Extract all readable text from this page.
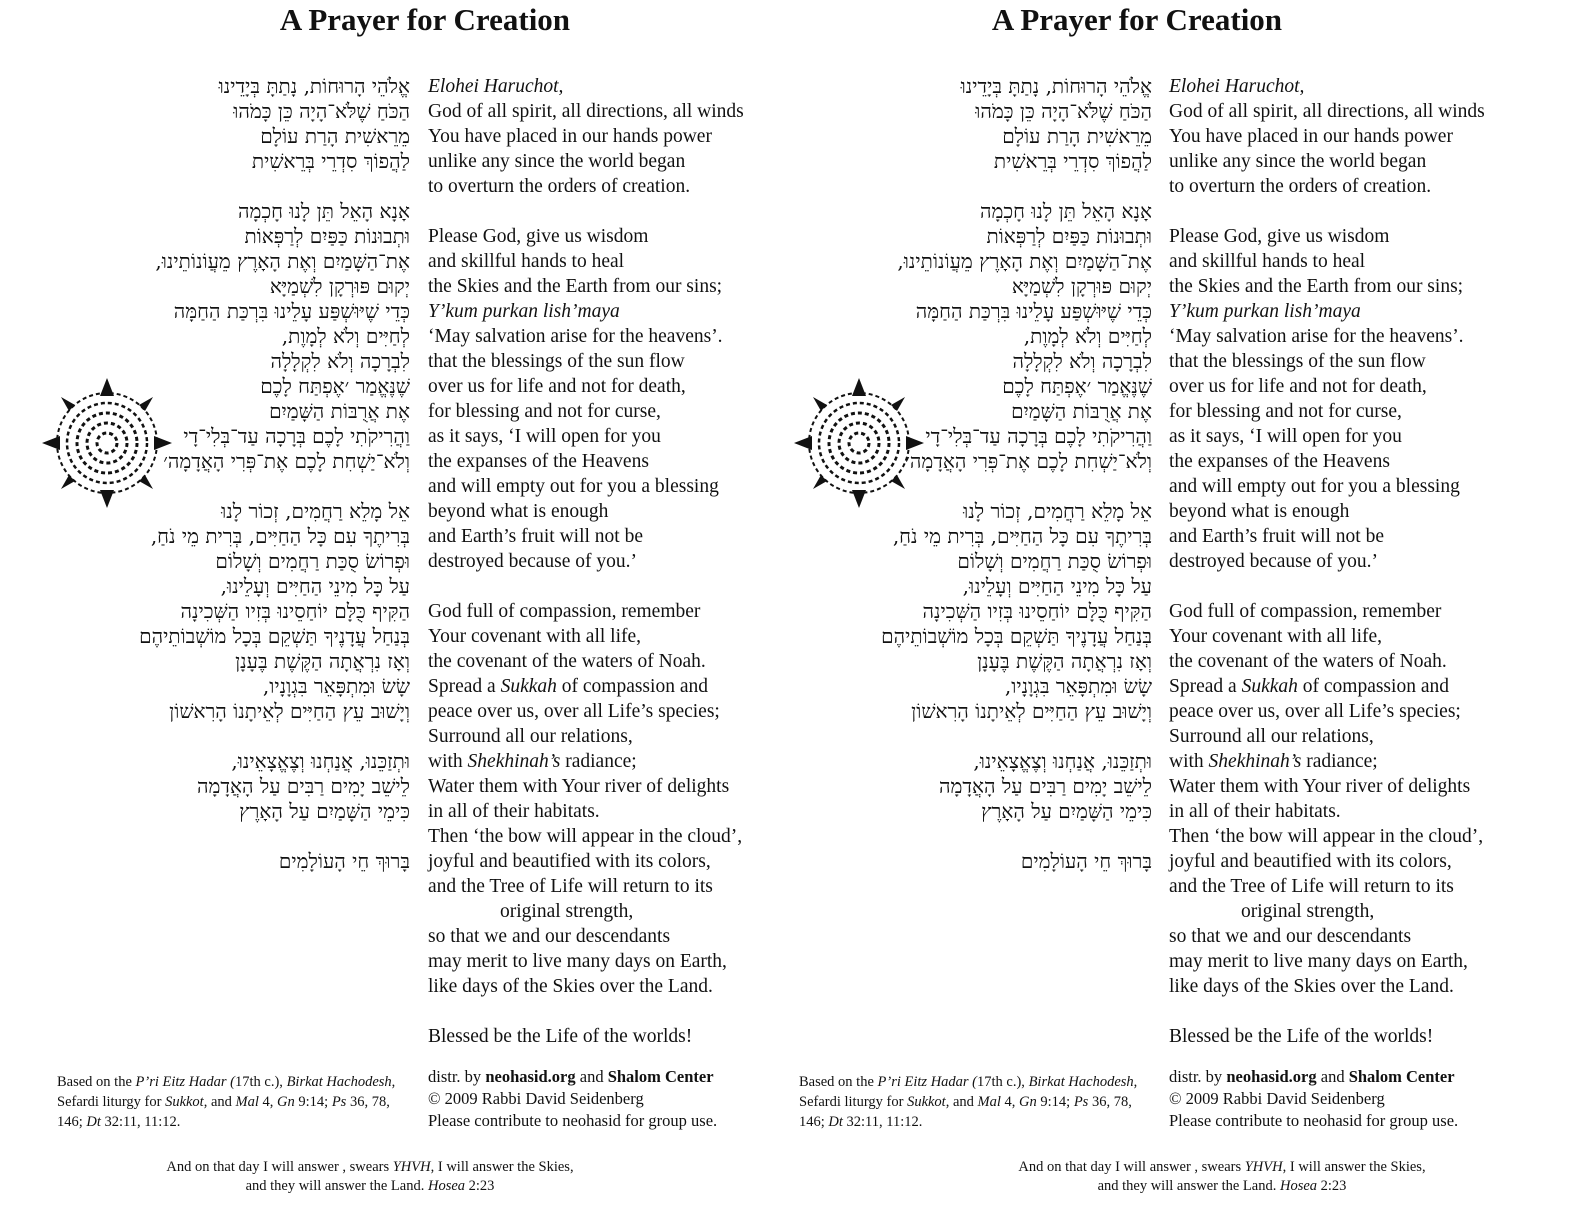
A Prayer for Creation
אֱלֹהֵי הָרוּחוֹת, נָתַתָּ בְּיָדֵינוּ
הַכֹּחַ שֶׁלֹּא־הָיָה כֵּן כָּמֹהוּ
מֵרֵאשִׁית הָרַת עוֹלָם
לַהֲפוֹךְ סִדְרֵי בְּרֵאשִׁית
אָנָא הָאֵל תֵּן לָנוּ חָכְמָה
וּתְבוּנוֹת כַּפַּיִם לְרַפְּאוֹת
אֶת־הַשָּׁמַיִם וְאֶת הָאָרֶץ מֵעֲוֹנוֹתֵינוּ,
יְקוּם פּוּרְקָן לִשְׁמַיָּא
כְּדֵי שֶׁיּוּשְׁפַּע עָלֵינוּ בִּרְכַּת הַחַמָּה
לְחַיִּים וְלֹא לְמָוֶת,
לִבְרָכָה וְלֹא לִקְלָלָה
שֶׁנֶּאֱמַר ׳אֶפְתַּח לָכֶם
אֶת אֲרֻבּוֹת הַשָּׁמַיִם
וַהֲרִיקֹתִי לָכֶם בְּרָכָה עַד־בְּלִי־דָי
וְלֹא־יַשְׁחִת לָכֶם אֶת־פְּרִי הָאֲדָמָה׳
אֵל מָלֵא רַחֲמִים, זְכוֹר לָנוּ
בְּרִיתֶךָ עִם כָּל הַחַיִּים, בְּרִית מֵי נֹחַ,
וּפְרוֹשׂ סֻכַּת רַחֲמִים וְשָׁלוֹם
עַל כָּל מִינֵי הַחַיִּים וְעָלֵינוּ,
הַקִּיף כֻּלָּם יוֹחַסֵינוּ בְּזִיו הַשְּׁכִינָה
בְּנַחַל עֲדָנֶיךָ תַּשְׁקֵם בְּכָל מוֹשְׁבוֹתֵיהֶם
וְאָז נִרְאֲתָה הַקֶּשֶׁת בֶּעָנָן
שָׂשׂ וּמִתְפָּאֵר בִּגְוָנָיו,
וְיָשׁוּב עֵץ הַחַיִּים לְאֵיתָנוֹ הָרִאשׁוֹן
וּתְזַכֵּנוּ, אֲנַחְנוּ וְצֶאֱצָאֵינוּ,
לֵישֵׁב יָמִים רַבִּים עַל הָאֲדָמָה
כִּימֵי הַשָּׁמַיִם עַל הָאָרֶץ
בָּרוּךְ חֵי הָעוֹלָמִים
Elohei Haruchot,
God of all spirit, all directions, all winds
You have placed in our hands power
unlike any since the world began
to overturn the orders of creation.
Please God, give us wisdom
and skillful hands to heal
the Skies and the Earth from our sins;
Y’kum purkan lish’maya
‘May salvation arise for the heavens’.
that the blessings of the sun flow
over us for life and not for death,
for blessing and not for curse,
as it says, ‘I will open for you
the expanses of the Heavens
and will empty out for you a blessing
beyond what is enough
and Earth’s fruit will not be
destroyed because of you.’
God full of compassion, remember
Your covenant with all life,
the covenant of the waters of Noah.
Spread a Sukkah of compassion and
peace over us, over all Life’s species;
Surround all our relations,
with Shekhinah’s radiance;
Water them with Your river of delights
in all of their habitats.
Then ‘the bow will appear in the cloud’,
joyful and beautified with its colors,
and the Tree of Life will return to its
original strength,
so that we and our descendants
may merit to live many days on Earth,
like days of the Skies over the Land.
Blessed be the Life of the worlds!
Based on the P’ri Eitz Hadar (17th c.), Birkat Hachodesh, Sefardi liturgy for Sukkot, and Mal 4, Gn 9:14; Ps 36, 78, 146; Dt 32:11, 11:12.
distr. by neohasid.org and Shalom Center
© 2009 Rabbi David Seidenberg
Please contribute to neohasid for group use.
And on that day I will answer , swears YHVH, I will answer the Skies,
and they will answer the Land. Hosea 2:23
A Prayer for Creation
אֱלֹהֵי הָרוּחוֹת, נָתַתָּ בְּיָדֵינוּ
הַכֹּחַ שֶׁלֹּא־הָיָה כֵּן כָּמֹהוּ
מֵרֵאשִׁית הָרַת עוֹלָם
לַהֲפוֹךְ סִדְרֵי בְּרֵאשִׁית
אָנָא הָאֵל תֵּן לָנוּ חָכְמָה
וּתְבוּנוֹת כַּפַּיִם לְרַפְּאוֹת
אֶת־הַשָּׁמַיִם וְאֶת הָאָרֶץ מֵעֲוֹנוֹתֵינוּ,
יְקוּם פּוּרְקָן לִשְׁמַיָּא
כְּדֵי שֶׁיּוּשְׁפַּע עָלֵינוּ בִּרְכַּת הַחַמָּה
לְחַיִּים וְלֹא לְמָוֶת,
לִבְרָכָה וְלֹא לִקְלָלָה
שֶׁנֶּאֱמַר ׳אֶפְתַּח לָכֶם
אֶת אֲרֻבּוֹת הַשָּׁמַיִם
וַהֲרִיקֹתִי לָכֶם בְּרָכָה עַד־בְּלִי־דָי
וְלֹא־יַשְׁחִת לָכֶם אֶת־פְּרִי הָאֲדָמָה׳
אֵל מָלֵא רַחֲמִים, זְכוֹר לָנוּ
בְּרִיתֶךָ עִם כָּל הַחַיִּים, בְּרִית מֵי נֹחַ,
וּפְרוֹשׂ סֻכַּת רַחֲמִים וְשָׁלוֹם
עַל כָּל מִינֵי הַחַיִּים וְעָלֵינוּ,
הַקִּיף כֻּלָּם יוֹחַסֵינוּ בְּזִיו הַשְּׁכִינָה
בְּנַחַל עֲדָנֶיךָ תַּשְׁקֵם בְּכָל מוֹשְׁבוֹתֵיהֶם
וְאָז נִרְאֲתָה הַקֶּשֶׁת בֶּעָנָן
שָׂשׂ וּמִתְפָּאֵר בִּגְוָנָיו,
וְיָשׁוּב עֵץ הַחַיִּים לְאֵיתָנוֹ הָרִאשׁוֹן
וּתְזַכֵּנוּ, אֲנַחְנוּ וְצֶאֱצָאֵינוּ,
לֵישֵׁב יָמִים רַבִּים עַל הָאֲדָמָה
כִּימֵי הַשָּׁמַיִם עַל הָאָרֶץ
בָּרוּךְ חֵי הָעוֹלָמִים
Elohei Haruchot,
God of all spirit, all directions, all winds
You have placed in our hands power
unlike any since the world began
to overturn the orders of creation.
Please God, give us wisdom
and skillful hands to heal
the Skies and the Earth from our sins;
Y’kum purkan lish’maya
‘May salvation arise for the heavens’.
that the blessings of the sun flow
over us for life and not for death,
for blessing and not for curse,
as it says, ‘I will open for you
the expanses of the Heavens
and will empty out for you a blessing
beyond what is enough
and Earth’s fruit will not be
destroyed because of you.’
God full of compassion, remember
Your covenant with all life,
the covenant of the waters of Noah.
Spread a Sukkah of compassion and
peace over us, over all Life’s species;
Surround all our relations,
with Shekhinah’s radiance;
Water them with Your river of delights
in all of their habitats.
Then ‘the bow will appear in the cloud’,
joyful and beautified with its colors,
and the Tree of Life will return to its
original strength,
so that we and our descendants
may merit to live many days on Earth,
like days of the Skies over the Land.
Blessed be the Life of the worlds!
Based on the P’ri Eitz Hadar (17th c.), Birkat Hachodesh, Sefardi liturgy for Sukkot, and Mal 4, Gn 9:14; Ps 36, 78, 146; Dt 32:11, 11:12.
distr. by neohasid.org and Shalom Center
© 2009 Rabbi David Seidenberg
Please contribute to neohasid for group use.
And on that day I will answer , swears YHVH, I will answer the Skies,
and they will answer the Land. Hosea 2:23
